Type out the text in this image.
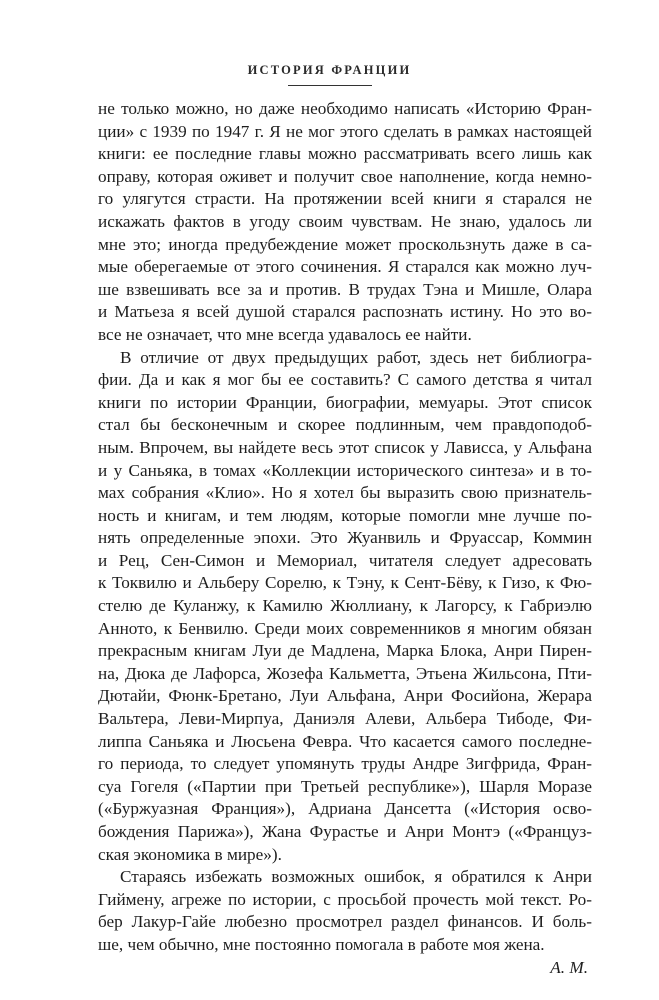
ИСТОРИЯ ФРАНЦИИ
не только можно, но даже необходимо написать «Историю Фран-
ции» с 1939 по 1947 г. Я не мог этого сделать в рамках настоящей
книги: ее последние главы можно рассматривать всего лишь как
оправу, которая оживет и получит свое наполнение, когда немно-
го улягутся страсти. На протяжении всей книги я старался не
искажать фактов в угоду своим чувствам. Не знаю, удалось ли
мне это; иногда предубеждение может проскользнуть даже в са-
мые оберегаемые от этого сочинения. Я старался как можно луч-
ше взвешивать все за и против. В трудах Тэна и Мишле, Олара
и Матьеза я всей душой старался распознать истину. Но это во-
все не означает, что мне всегда удавалось ее найти.
В отличие от двух предыдущих работ, здесь нет библиогра-
фии. Да и как я мог бы ее составить? С самого детства я читал
книги по истории Франции, биографии, мемуары. Этот список
стал бы бесконечным и скорее подлинным, чем правдоподоб-
ным. Впрочем, вы найдете весь этот список у Лависса, у Альфана
и у Саньяка, в томах «Коллекции исторического синтеза» и в то-
мах собрания «Клио». Но я хотел бы выразить свою признатель-
ность и книгам, и тем людям, которые помогли мне лучше по-
нять определенные эпохи. Это Жуанвиль и Фруассар, Коммин
и Рец, Сен-Симон и Мемориал, читателя следует адресовать
к Токвилю и Альберу Сорелю, к Тэну, к Сент-Бёву, к Гизо, к Фю-
стелю де Куланжу, к Камилю Жюллиану, к Лагорсу, к Габриэлю
Анното, к Бенвилю. Среди моих современников я многим обязан
прекрасным книгам Луи де Мадлена, Марка Блока, Анри Пирен-
на, Дюка де Лафорса, Жозефа Кальметта, Этьена Жильсона, Пти-
Дютайи, Фюнк-Бретано, Луи Альфана, Анри Фосийона, Жерара
Вальтера, Леви-Мирпуа, Даниэля Алеви, Альбера Тибоде, Фи-
липпа Саньяка и Люсьена Февра. Что касается самого последне-
го периода, то следует упомянуть труды Андре Зигфрида, Фран-
суа Гогеля («Партии при Третьей республике»), Шарля Моразе
(«Буржуазная Франция»), Адриана Дансетта («История осво-
бождения Парижа»), Жана Фурастье и Анри Монтэ («Француз-
ская экономика в мире»).
Стараясь избежать возможных ошибок, я обратился к Анри
Гиймену, агреже по истории, с просьбой прочесть мой текст. Ро-
бер Лакур-Гайе любезно просмотрел раздел финансов. И боль-
ше, чем обычно, мне постоянно помогала в работе моя жена.
А. М.
